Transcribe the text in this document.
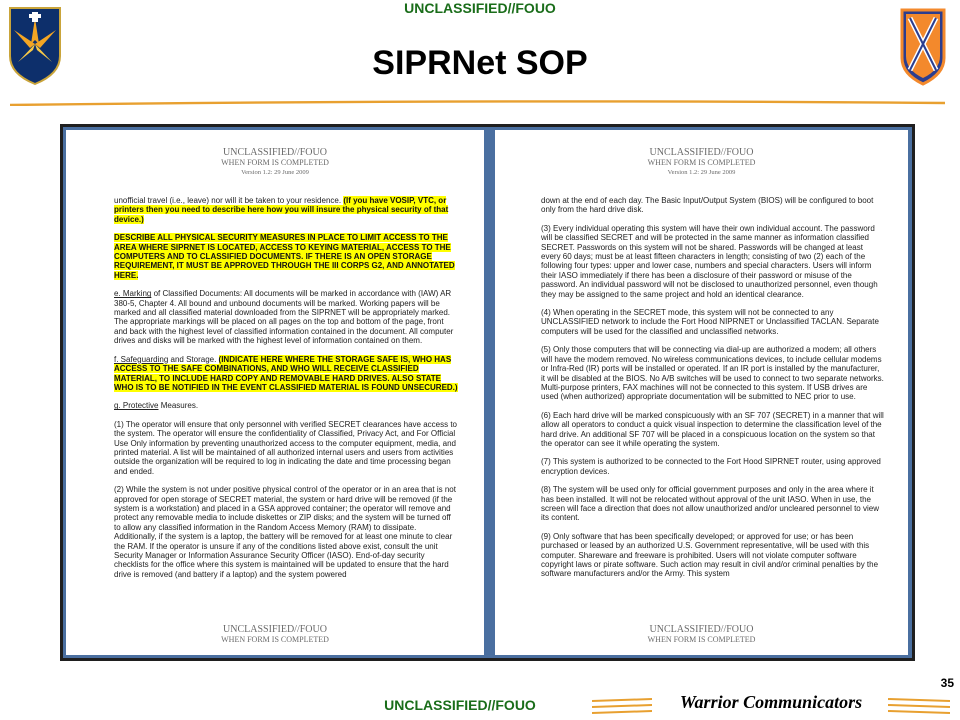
UNCLASSIFIED//FOUO
SIPRNet SOP
UNCLASSIFIED//FOUO
WHEN FORM IS COMPLETED
Version 1.2: 29 June 2009

unofficial travel (i.e., leave) nor will it be taken to your residence. (If you have VOSIP, VTC, or printers then you need to describe here how you will insure the physical security of that device.)

DESCRIBE ALL PHYSICAL SECURITY MEASURES IN PLACE TO LIMIT ACCESS TO THE AREA WHERE SIPRNET IS LOCATED, ACCESS TO KEYING MATERIAL, ACCESS TO THE COMPUTERS AND TO CLASSIFIED DOCUMENTS. IF THERE IS AN OPEN STORAGE REQUIREMENT, IT MUST BE APPROVED THROUGH THE III CORPS G2, AND ANNOTATED HERE.

e. Marking of Classified Documents: All documents will be marked in accordance with (IAW) AR 380-5, Chapter 4. All bound and unbound documents will be marked. Working papers will be marked and all classified material downloaded from the SIPRNET will be appropriately marked. The appropriate markings will be placed on all pages on the top and bottom of the page, front and back with the highest level of classified information contained in the document. All computer drives and disks will be marked with the highest level of information contained on them.

f. Safeguarding and Storage. (INDICATE HERE WHERE THE STORAGE SAFE IS, WHO HAS ACCESS TO THE SAFE COMBINATIONS, AND WHO WILL RECEIVE CLASSIFIED MATERIAL, TO INCLUDE HARD COPY AND REMOVABLE HARD DRIVES. ALSO STATE WHO IS TO BE NOTIFIED IN THE EVENT CLASSIFIED MATERIAL IS FOUND UNSECURED.)

g. Protective Measures.

(1) The operator will ensure that only personnel with verified SECRET clearances have access to the system. The operator will ensure the confidentiality of Classified, Privacy Act, and For Official Use Only information by preventing unauthorized access to the computer equipment, media, and printed material. A list will be maintained of all authorized internal users and users from activities outside the organization will be required to log in indicating the date and time processing began and ended.

(2) While the system is not under positive physical control of the operator or in an area that is not approved for open storage of SECRET material, the system or hard drive will be removed (if the system is a workstation) and placed in a GSA approved container; the operator will remove and protect any removable media to include diskettes or ZIP disks; and the system will be turned off to allow any classified information in the Random Access Memory (RAM) to dissipate. Additionally, if the system is a laptop, the battery will be removed for at least one minute to clear the RAM. If the operator is unsure if any of the conditions listed above exist, consult the unit Security Manager or Information Assurance Security Officer (IASO). End-of-day security checklists for the office where this system is maintained will be updated to ensure that the hard drive is removed (and battery if a laptop) and the system powered

UNCLASSIFIED//FOUO
WHEN FORM IS COMPLETED
UNCLASSIFIED//FOUO
WHEN FORM IS COMPLETED
Version 1.2: 29 June 2009

down at the end of each day. The Basic Input/Output System (BIOS) will be configured to boot only from the hard drive disk.

(3) Every individual operating this system will have their own individual account. The password will be classified SECRET and will be protected in the same manner as information classified SECRET. Passwords on this system will not be shared. Passwords will be changed at least every 60 days; must be at least fifteen characters in length; consisting of two (2) each of the following four types: upper and lower case, numbers and special characters. Users will inform their IASO immediately if there has been a disclosure of their password or misuse of the password. An individual password will not be disclosed to unauthorized personnel, even though they may be assigned to the same project and hold an identical clearance.

(4) When operating in the SECRET mode, this system will not be connected to any UNCLASSIFIED network to include the Fort Hood NIPRNET or Unclassified TACLAN. Separate computers will be used for the classified and unclassified networks.

(5) Only those computers that will be connecting via dial-up are authorized a modem; all others will have the modem removed. No wireless communications devices, to include cellular modems or Infra-Red (IR) ports will be installed or operated. If an IR port is installed by the manufacturer, it will be disabled at the BIOS. No A/B switches will be used to connect to two separate networks. Multi-purpose printers, FAX machines will not be connected to this system. If USB drives are used (when authorized) appropriate documentation will be submitted to NEC prior to use.

(6) Each hard drive will be marked conspicuously with an SF 707 (SECRET) in a manner that will allow all operators to conduct a quick visual inspection to determine the classification level of the hard drive. An additional SF 707 will be placed in a conspicuous location on the system so that the operator can see it while operating the system.

(7) This system is authorized to be connected to the Fort Hood SIPRNET router, using approved encryption devices.

(8) The system will be used only for official government purposes and only in the area where it has been installed. It will not be relocated without approval of the unit IASO. When in use, the screen will face a direction that does not allow unauthorized and/or uncleared personnel to view its content.

(9) Only software that has been specifically developed; or approved for use; or has been purchased or leased by an authorized U.S. Government representative, will be used with this computer. Shareware and freeware is prohibited. Users will not violate computer software copyright laws or pirate software. Such action may result in civil and/or criminal penalties by the software manufacturers and/or the Army. This system

UNCLASSIFIED//FOUO
WHEN FORM IS COMPLETED
35
UNCLASSIFIED//FOUO	Warrior Communicators
